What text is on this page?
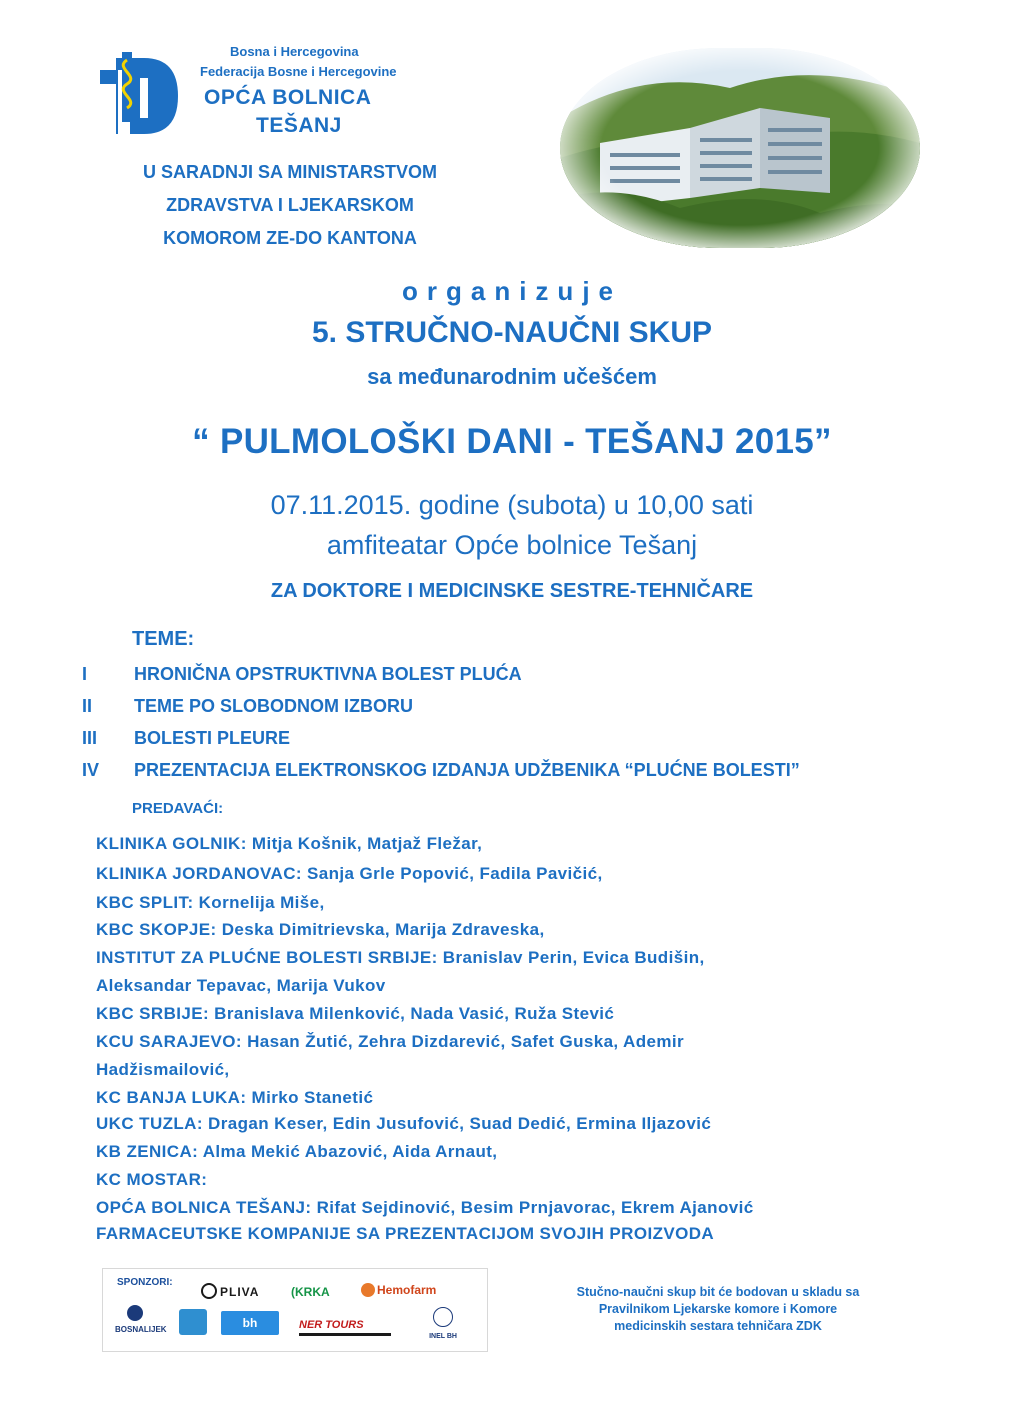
Bosna i Hercegovina
Federacija Bosne i Hercegovine
OPĆA BOLNICA
TEŠANJ
U SARADNJI SA MINISTARSTVOM
ZDRAVSTVA I LJEKARSKOM
KOMOROM ZE-DO KANTONA
organizuje
5. STRUČNO-NAUČNI SKUP
sa međunarodnim učešćem
“ PULMOLOŠKI DANI - TEŠANJ 2015”
07.11.2015. godine (subota) u 10,00 sati
amfiteatar Opće bolnice Tešanj
ZA DOKTORE I MEDICINSKE SESTRE-TEHNIČARE
TEME:
I	HRONIČNA OPSTRUKTIVNA BOLEST PLUĆA
II TEME PO SLOBODNOM IZBORU
III BOLESTI PLEURE
IV PREZENTACIJA ELEKTRONSKOG IZDANJA UDŽBENIKA “PLUĆNE BOLESTI”
PREDAVAĆI:
KLINIKA GOLNIK: Mitja Košnik, Matjaž Fležar,
KLINIKA JORDANOVAC: Sanja Grle Popović, Fadila Pavičić,
KBC SPLIT: Kornelija Miše,
KBC SKOPJE: Deska Dimitrievska, Marija Zdraveska,
INSTITUT ZA PLUĆNE BOLESTI SRBIJE: Branislav Perin, Evica Budišin,
Aleksandar Tepavac, Marija Vukov
KBC SRBIJE: Branislava Milenković, Nada Vasić, Ruža Stević
KCU SARAJEVO: Hasan Žutić, Zehra Dizdarević, Safet Guska, Ademir
Hadžismailović,
KC BANJA LUKA: Mirko Stanetić
UKC TUZLA: Dragan Keser, Edin Jusufović, Suad Dedić, Ermina Iljazović
KB ZENICA: Alma Mekić Abazović, Aida Arnaut,
KC MOSTAR:
OPĆA BOLNICA TEŠANJ: Rifat Sejdinović, Besim Prnjavorac, Ekrem Ajanović
FARMACEUTSKE KOMPANIJE SA PREZENTACIJOM SVOJIH PROIZVODA
SPONZORI:
PLIVA	(KRKA	Hemofarm
BOSNALIJEK	bh	NER TOURS
INEL BH
Stučno-naučni skup bit će bodovan u skladu sa
Pravilnikom Ljekarske komore i Komore
medicinskih sestara tehničara ZDK
